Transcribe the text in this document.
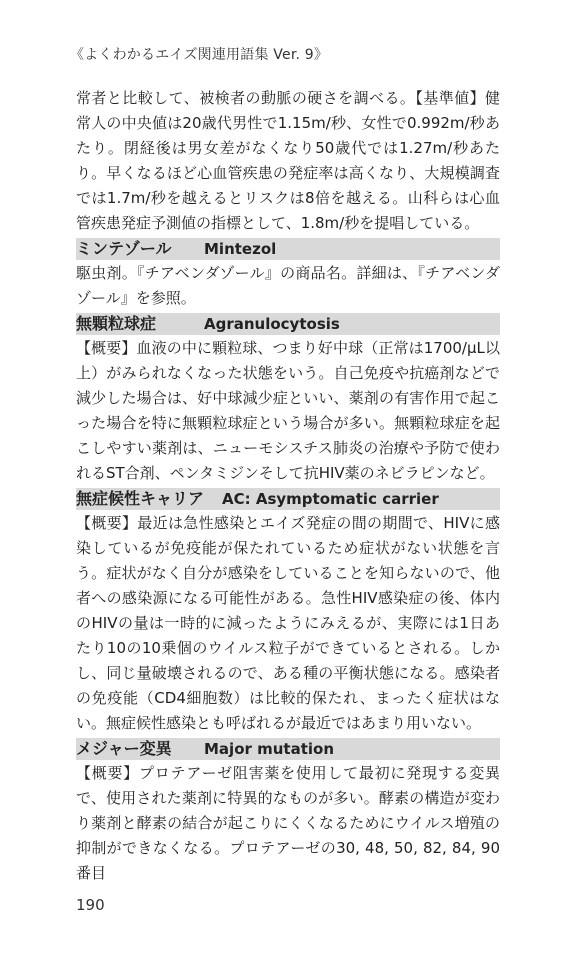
《よくわかるエイズ関連用語集 Ver. 9》

常者と比較して、被検者の動脈の硬さを調べる。【基準値】健常人の中央値は20歳代男性で1.15m/秒、女性で0.992m/秒あたり。閉経後は男女差がなくなり50歳代では1.27m/秒あたり。早くなるほど心血管疾患の発症率は高くなり、大規模調査では1.7m/秒を越えるとリスクは8倍を越える。山科らは心血管疾患発症予測値の指標として、1.8m/秒を提唱している。

ミンテゾール Mintezol

駆虫剤。『チアベンダゾール』の商品名。詳細は、『チアベンダゾール』を参照。

無顆粒球症	Agranulocytosis

【概要】血液の中に顆粒球、つまり好中球（正常は1700/μL以上）がみられなくなった状態をいう。自己免疫や抗癌剤などで減少した場合は、好中球減少症といい、薬剤の有害作用で起こった場合を特に無顆粒球症という場合が多い。無顆粒球症を起こしやすい薬剤は、ニューモシスチス肺炎の治療や予防で使われるST合剤、ペンタミジンそして抗HIV薬のネビラピンなど。

無症候性キャリア AC: Asymptomatic carrier

【概要】最近は急性感染とエイズ発症の間の期間で、HIVに感染しているが免疫能が保たれているため症状がない状態を言う。症状がなく自分が感染をしていることを知らないので、他者への感染源になる可能性がある。急性HIV感染症の後、体内のHIVの量は一時的に減ったようにみえるが、実際には1日あたり10の10乗個のウイルス粒子ができているとされる。しかし、同じ量破壊されるので、ある種の平衡状態になる。感染者の免疫能（CD4細胞数）は比較的保たれ、まったく症状はない。無症候性感染とも呼ばれるが最近ではあまり用いない。

メジャー変異 Major mutation

【概要】プロテアーゼ阻害薬を使用して最初に発現する変異で、使用された薬剤に特異的なものが多い。酵素の構造が変わり薬剤と酵素の結合が起こりにくくなるためにウイルス増殖の抑制ができなくなる。プロテアーゼの30, 48, 50, 82, 84, 90番目

190
